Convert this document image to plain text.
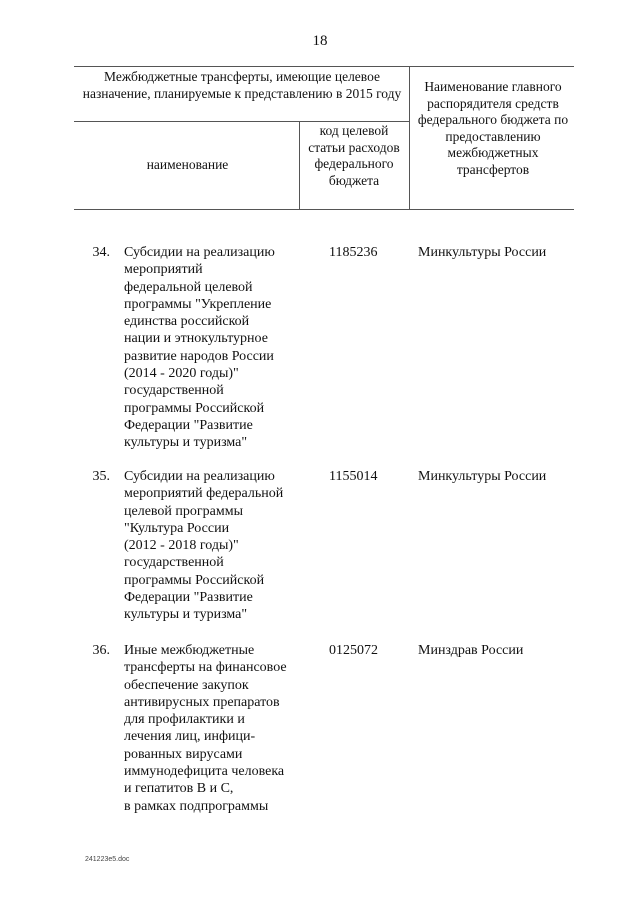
18
Межбюджетные трансферты, имеющие целевое назначение, планируемые к представлению в 2015 году
наименование
код целевой статьи расходов федерального бюджета
Наименование главного распорядителя средств федерального бюджета по предоставлению межбюджетных трансфертов
34. Субсидии на реализацию
мероприятий
федеральной целевой
программы "Укрепление
единства российской
нации и этнокультурное
развитие народов России
(2014 - 2020 годы)"
государственной
программы Российской
Федерации "Развитие
культуры и туризма"
1185236	Минкультуры России
35. Субсидии на реализацию
мероприятий федеральной
целевой программы
"Культура России
(2012 - 2018 годы)"
государственной
программы Российской
Федерации "Развитие
культуры и туризма"
1155014	Минкультуры России
36. Иные межбюджетные
трансферты на финансовое
обеспечение закупок
антивирусных препаратов
для профилактики и
лечения лиц, инфици-
рованных вирусами
иммунодефицита человека
и гепатитов В и С,
в рамках подпрограммы
0125072	Минздрав России
241223e5.doc
